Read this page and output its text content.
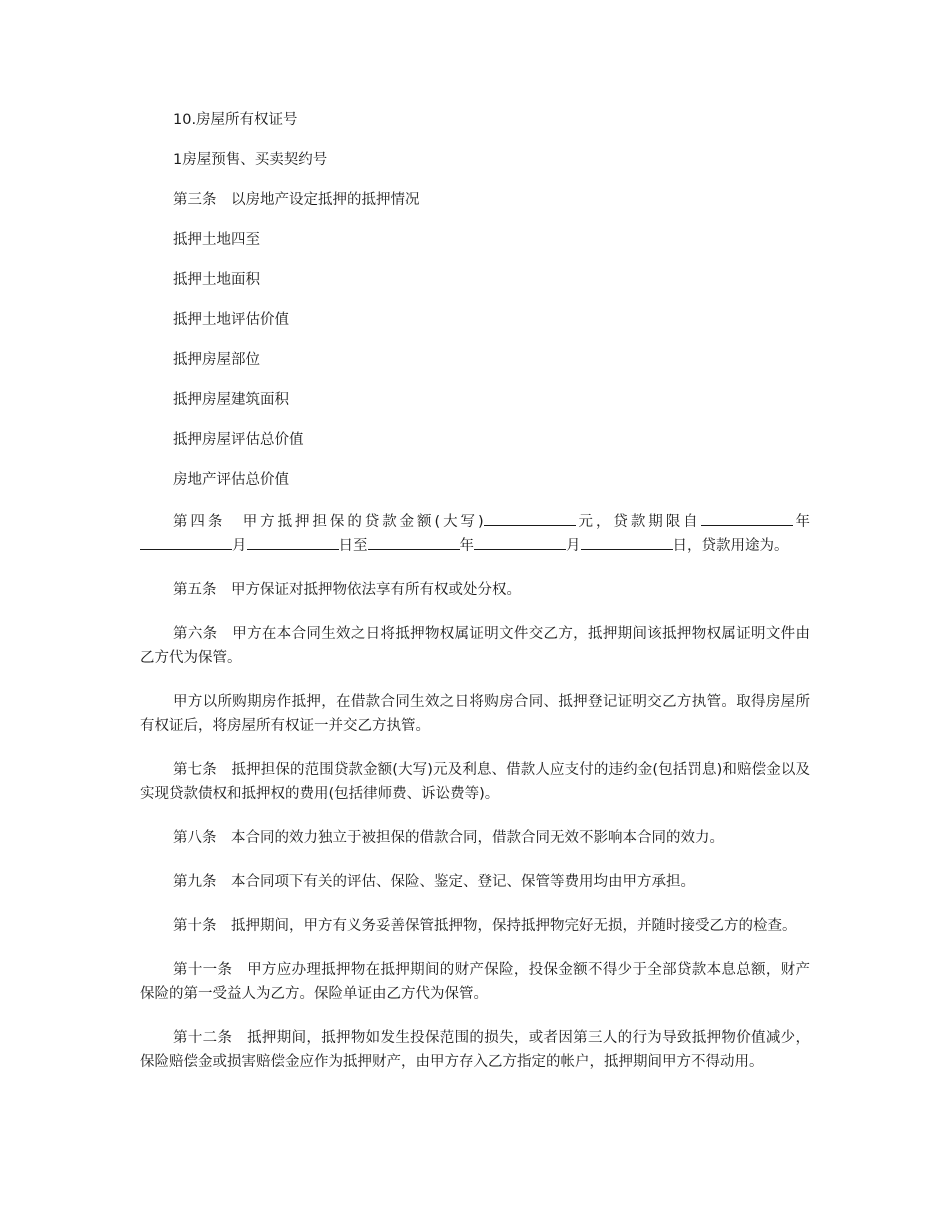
10.房屋所有权证号
1房屋预售、买卖契约号
第三条　以房地产设定抵押的抵押情况
抵押土地四至
抵押土地面积
抵押土地评估价值
抵押房屋部位
抵押房屋建筑面积
抵押房屋评估总价值
房地产评估总价值
第四条　甲方抵押担保的贷款金额(大写)	元，贷款期限自	年月	日至	年	月	日，贷款用途为。
第五条　甲方保证对抵押物依法享有所有权或处分权。
第六条　甲方在本合同生效之日将抵押物权属证明文件交乙方，抵押期间该抵押物权属证明文件由乙方代为保管。
甲方以所购期房作抵押，在借款合同生效之日将购房合同、抵押登记证明交乙方执管。取得房屋所有权证后，将房屋所有权证一并交乙方执管。
第七条　抵押担保的范围贷款金额(大写)元及利息、借款人应支付的违约金(包括罚息)和赔偿金以及实现贷款债权和抵押权的费用(包括律师费、诉讼费等)。
第八条　本合同的效力独立于被担保的借款合同，借款合同无效不影响本合同的效力。
第九条　本合同项下有关的评估、保险、鉴定、登记、保管等费用均由甲方承担。
第十条　抵押期间，甲方有义务妥善保管抵押物，保持抵押物完好无损，并随时接受乙方的检查。
第十一条　甲方应办理抵押物在抵押期间的财产保险，投保金额不得少于全部贷款本息总额，财产保险的第一受益人为乙方。保险单证由乙方代为保管。
第十二条　抵押期间，抵押物如发生投保范围的损失，或者因第三人的行为导致抵押物价值减少，保险赔偿金或损害赔偿金应作为抵押财产，由甲方存入乙方指定的帐户，抵押期间甲方不得动用。
